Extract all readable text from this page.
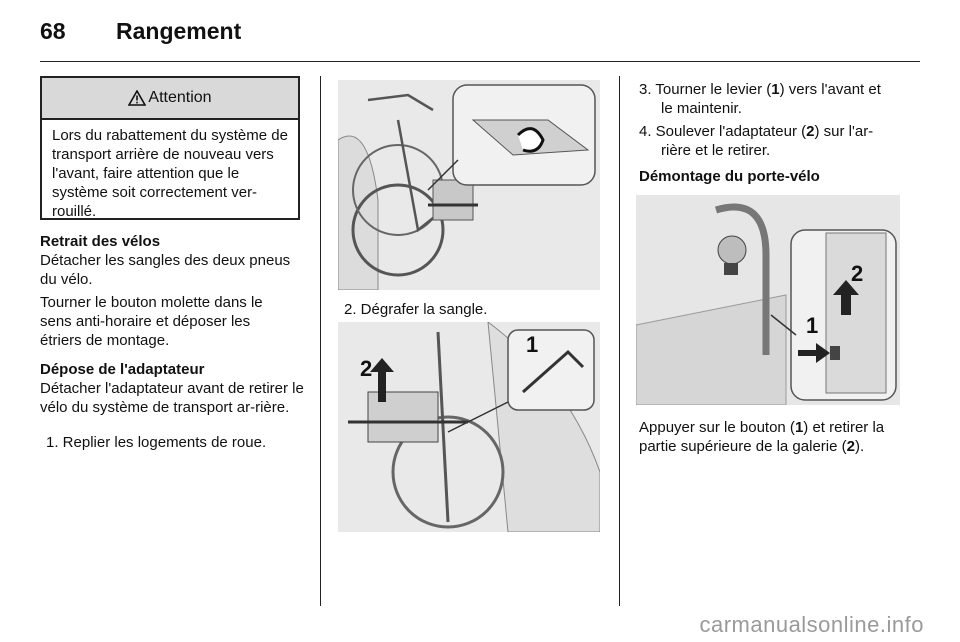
68 Rangement
Attention
Lors du rabattement du système de transport arrière de nouveau vers l'avant, faire attention que le système soit correctement ver-rouillé.
Retrait des vélos
Détacher les sangles des deux pneus du vélo.
Tourner le bouton molette dans le sens anti-horaire et déposer les étriers de montage.
Dépose de l'adaptateur
Détacher l'adaptateur avant de retirer le vélo du système de transport ar-rière.
1. Replier les logements de roue.
2. Dégrafer la sangle.
2
1
3. Tourner le levier (1) vers l'avant et
le maintenir.
4. Soulever l'adaptateur (2) sur l'ar-
rière et le retirer.
Démontage du porte-vélo
2
1
Appuyer sur le bouton (1) et retirer la
partie supérieure de la galerie (2).
carmanualsonline.info
